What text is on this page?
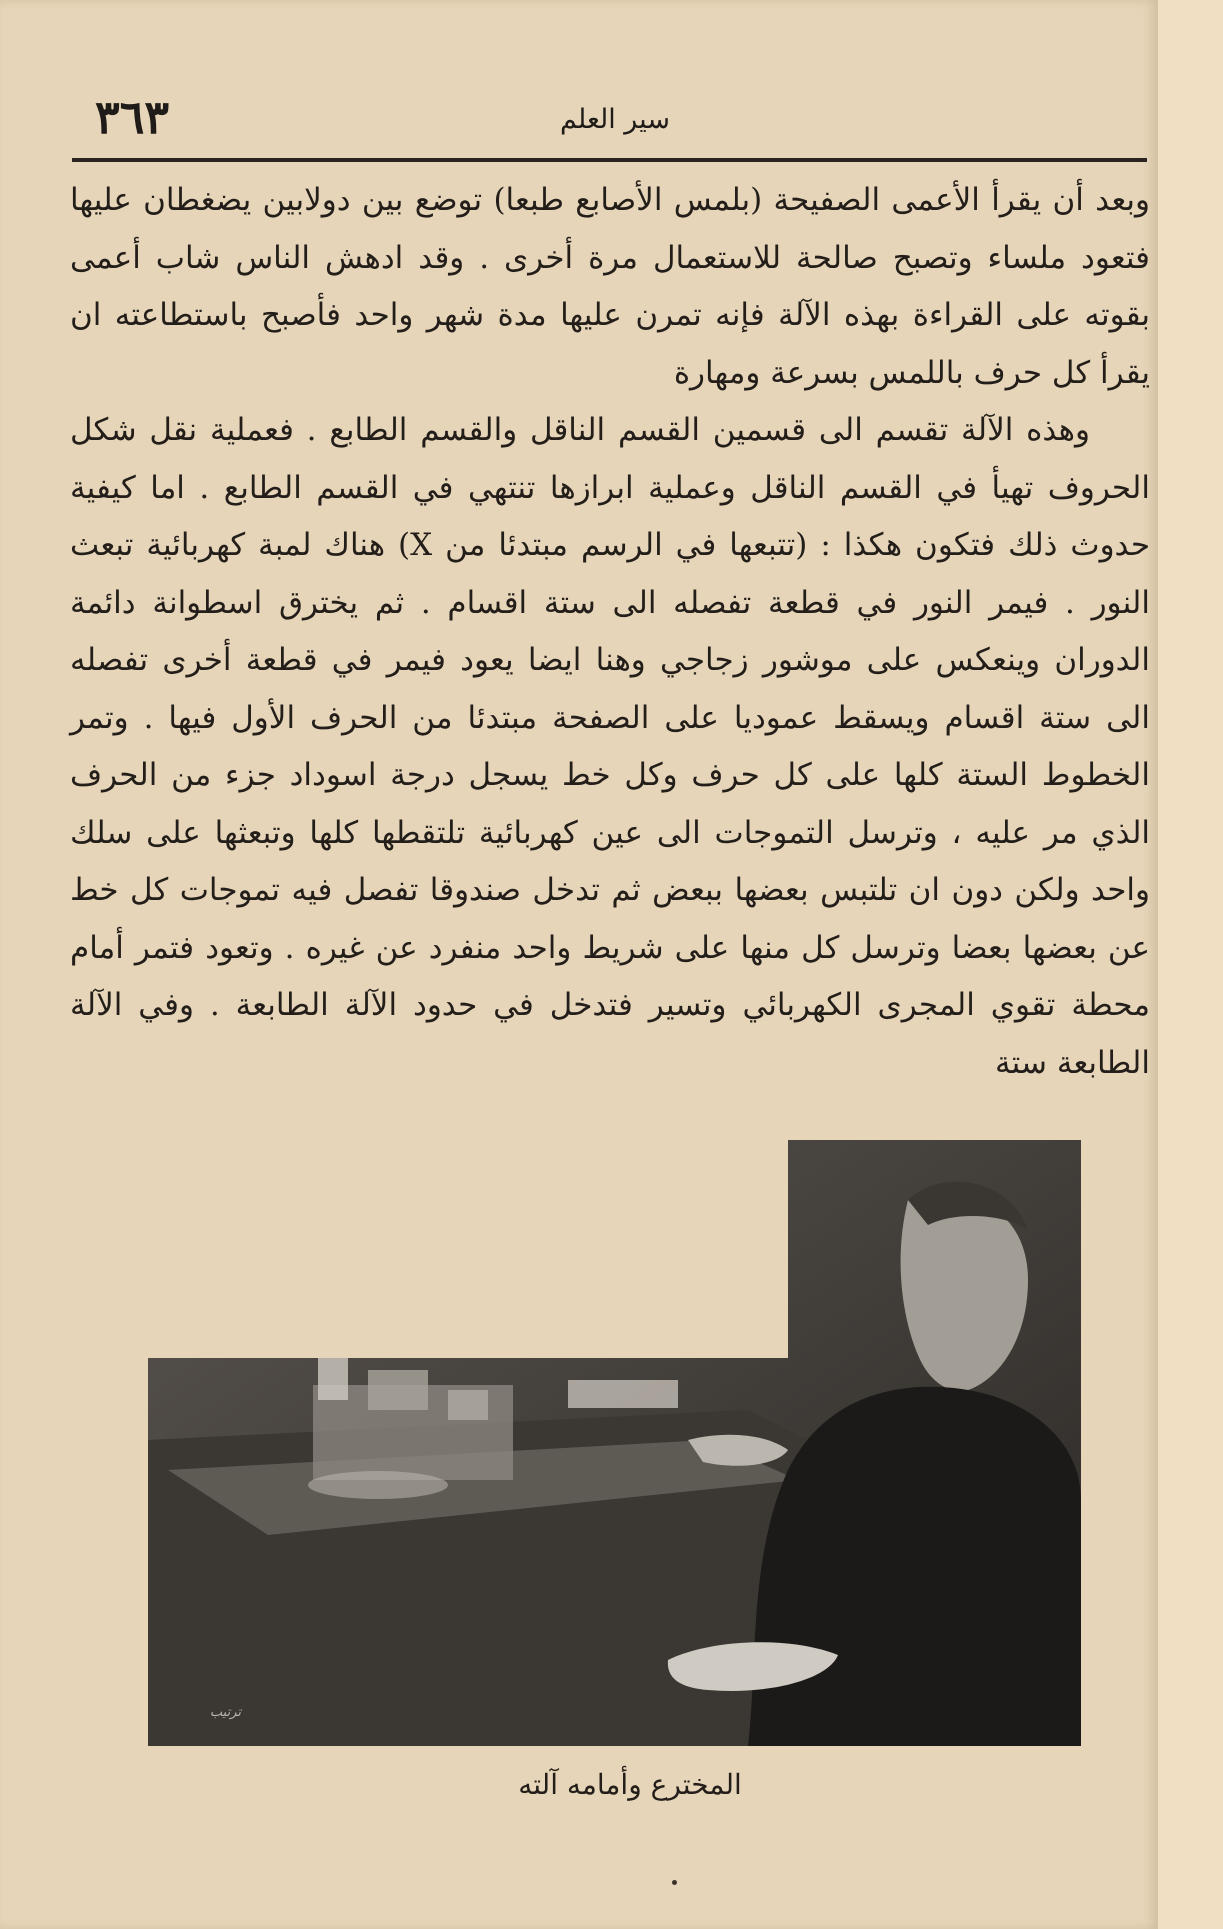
٣٦٣	سير العلم

وبعد أن يقرأ الأعمى الصفيحة (بلمس الأصابع طبعا) توضع بين دولابين يضغطان عليها فتعود ملساء وتصبح صالحة للاستعمال مرة أخرى . وقد ادهش الناس شاب أعمى بقوته على القراءة بهذه الآلة فإنه تمرن عليها مدة شهر واحد فأصبح باستطاعته ان يقرأ كل حرف باللمس بسرعة ومهارة

وهذه الآلة تقسم الى قسمين القسم الناقل والقسم الطابع . فعملية نقل شكل الحروف تهيأ في القسم الناقل وعملية ابرازها تنتهي في القسم الطابع . اما كيفية حدوث ذلك فتكون هكذا : (تتبعها في الرسم مبتدئا من X) هناك لمبة كهربائية تبعث النور . فيمر النور في قطعة تفصله الى ستة اقسام . ثم يخترق اسطوانة دائمة الدوران وينعكس على موشور زجاجي وهنا ايضا يعود فيمر في قطعة أخرى تفصله الى ستة اقسام ويسقط عموديا على الصفحة مبتدئا من الحرف الأول فيها . وتمر الخطوط الستة كلها على كل حرف وكل خط يسجل درجة اسوداد جزء من الحرف الذي مر عليه ، وترسل التموجات الى عين كهربائية تلتقطها كلها وتبعثها على سلك واحد ولكن دون ان تلتبس بعضها ببعض ثم تدخل صندوقا تفصل فيه تموجات كل خط عن بعضها بعضا وترسل كل منها على شريط واحد منفرد عن غيره . وتعود فتمر أمام محطة تقوي المجرى الكهربائي وتسير فتدخل في حدود الآلة الطابعة . وفي الآلة الطابعة ستة

ترتيب
المخترع وأمامه آلته
